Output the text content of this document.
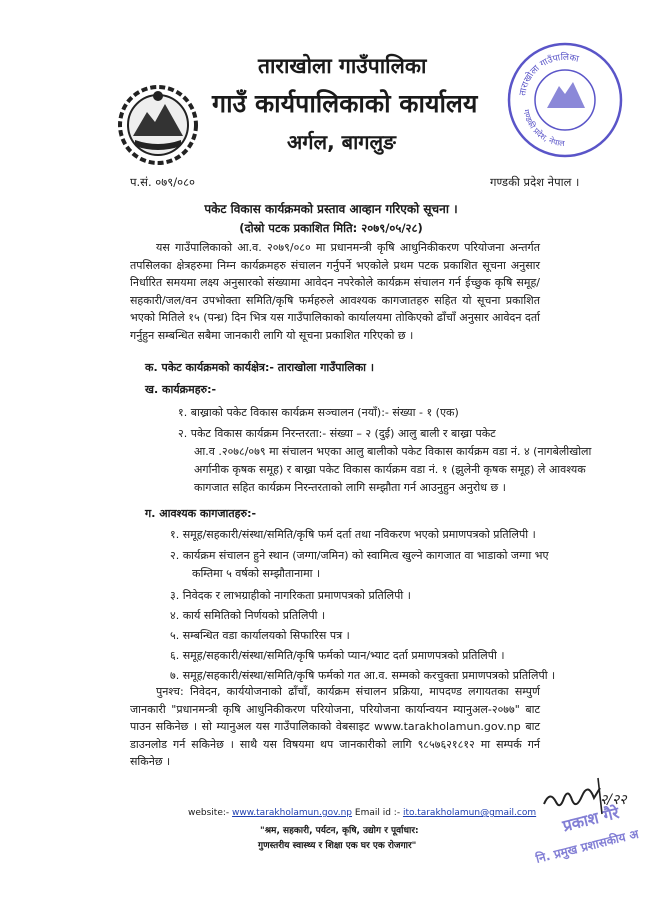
ताराखोला गाउँपालिका
गाउँ कार्यपालिकाको कार्यालय
अर्गल, बागलुङ
ताराखोला गाउँपालिका
गण्डकी प्रदेश, नेपाल
प.सं. ०७९/०८०	गण्डकी प्रदेश नेपाल ।
पकेट विकास कार्यक्रमको प्रस्ताव आव्हान गरिएको सूचना ।
(दोस्रो पटक प्रकाशित मिति: २०७९/०५/२८)
यस गाउँपालिकाको आ.व. २०७९/०८० मा प्रधानमन्त्री कृषि आधुनिकीकरण परियोजना अन्तर्गत तपसिलका क्षेत्रहरुमा निम्न कार्यक्रमहरु संचालन गर्नुपर्ने भएकोले प्रथम पटक प्रकाशित सूचना अनुसार निर्धारित समयमा लक्ष्य अनुसारको संख्यामा आवेदन नपरेकोले कार्यक्रम संचालन गर्न ईच्छुक कृषि समूह/सहकारी/जल/वन उपभोक्ता समिति/कृषि फर्महरुले आवश्यक कागजातहरु सहित यो सूचना प्रकाशित भएको मितिले १५ (पन्ध्र) दिन भित्र यस गाउँपालिकाको कार्यालयमा तोकिएको ढाँचाँ अनुसार आवेदन दर्ता गर्नुहुन सम्बन्धित सबैमा जानकारी लागि यो सूचना प्रकाशित गरिएको छ ।
क. पकेट कार्यक्रमको कार्यक्षेत्र:- ताराखोला गाउँपालिका ।
ख. कार्यक्रमहरु:-
१. बाख्राको पकेट विकास कार्यक्रम सञ्चालन (नयाँ):- संख्या - १ (एक)
२. पकेट विकास कार्यक्रम निरन्तरता:- संख्या – २ (दुई) आलु बाली र बाख्रा पकेट
आ.व .२०७८/०७९ मा संचालन भएका आलु बालीको पकेट विकास कार्यक्रम वडा नं. ४ (नागबेलीखोला
अर्गानीक कृषक समूह) र बाख्रा पकेट विकास कार्यक्रम वडा नं. १ (झुलेनी कृषक समूह) ले आवश्यक
कागजात सहित कार्यक्रम निरन्तरताको लागि सम्झौता गर्न आउनुहुन अनुरोध छ ।
ग. आवश्यक कागजातहरु:-
१. समूह/सहकारी/संस्था/समिति/कृषि फर्म दर्ता तथा नविकरण भएको प्रमाणपत्रको प्रतिलिपी ।
२. कार्यक्रम संचालन हुने स्थान (जग्गा/जमिन) को स्वामित्व खुल्ने कागजात वा भाडाको जग्गा भए
कम्तिमा ५ वर्षको सम्झौतानामा ।
३. निवेदक र लाभग्राहीको नागरिकता प्रमाणपत्रको प्रतिलिपी ।
४. कार्य समितिको निर्णयको प्रतिलिपी ।
५. सम्बन्धित वडा कार्यालयको सिफारिस पत्र ।
६. समूह/सहकारी/संस्था/समिति/कृषि फर्मको प्यान/भ्याट दर्ता प्रमाणपत्रको प्रतिलिपी ।
७. समूह/सहकारी/संस्था/समिति/कृषि फर्मको गत आ.व. सम्मको करचुक्ता प्रमाणपत्रको प्रतिलिपी ।
पुनश्च: निवेदन, कार्ययोजनाको ढाँचाँ, कार्यक्रम संचालन प्रक्रिया, मापदण्ड लगायतका सम्पुर्ण जानकारी "प्रधानमन्त्री कृषि आधुनिकीकरण परियोजना, परियोजना कार्यान्वयन म्यानुअल-२०७७" बाट पाउन सकिनेछ । सो म्यानुअल यस गाउँपालिकाको वेबसाइट www.tarakholamun.gov.np बाट डाउनलोड गर्न सकिनेछ । साथै यस विषयमा थप जानकारीको लागि ९८५७६२१८१२ मा सम्पर्क गर्न सकिनेछ ।
website:- www.tarakholamun.gov.np Email id :- ito.tarakholamun@gmail.com
"श्रम, सहकारी, पर्यटन, कृषि, उद्योग र पूर्वाधार:
गुणस्तरीय स्वास्थ्य र शिक्षा एक घर एक रोजगार"
२/२२
प्रकाश गैरे
नि. प्रमुख प्रशासकीय अ
